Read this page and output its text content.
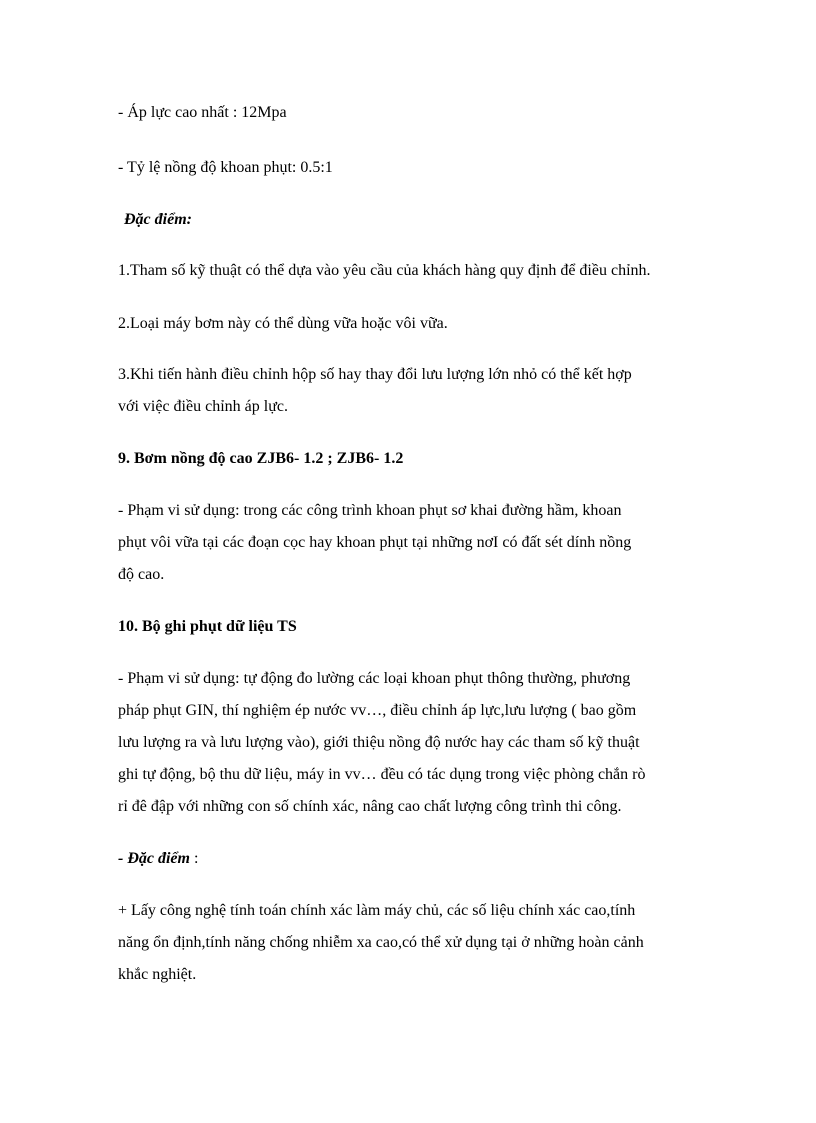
- Áp lực cao nhất : 12Mpa
- Tỷ lệ nồng độ khoan phụt: 0.5:1
Đặc điểm:
1.Tham số kỹ thuật có thể dựa vào yêu cầu của khách hàng quy định để điều chỉnh.
2.Loại máy bơm này có thể dùng vữa hoặc vôi vữa.
3.Khi tiến hành điều chỉnh hộp số hay thay đổi lưu lượng lớn nhỏ có thể kết hợp
với việc điều chỉnh áp lực.
9. Bơm nồng độ cao ZJB6- 1.2 ; ZJB6- 1.2
- Phạm vi sử dụng: trong các công trình khoan phụt sơ khai đường hầm, khoan
phụt vôi vữa tại các đoạn cọc hay khoan phụt tại những nơI có đất sét dính nồng
độ cao.
10. Bộ ghi phụt dữ liệu TS
- Phạm vi sử dụng: tự động đo lường các loại khoan phụt thông thường, phương
pháp phụt GIN, thí nghiệm ép nước vv…, điều chỉnh áp lực,lưu lượng ( bao gồm
lưu lượng ra và lưu lượng vào), giới thiệu nồng độ nước hay các tham số kỹ thuật
ghi tự động, bộ thu dữ liệu, máy in vv… đều có tác dụng trong việc phòng chắn rò
rỉ đê đập với những con số chính xác, nâng cao chất lượng công trình thi công.
- Đặc điểm :
+ Lấy công nghệ tính toán chính xác làm máy chủ, các số liệu chính xác cao,tính
năng ổn định,tính năng chống nhiễm xa cao,có thể xử dụng tại ở những hoàn cảnh
khắc nghiệt.
